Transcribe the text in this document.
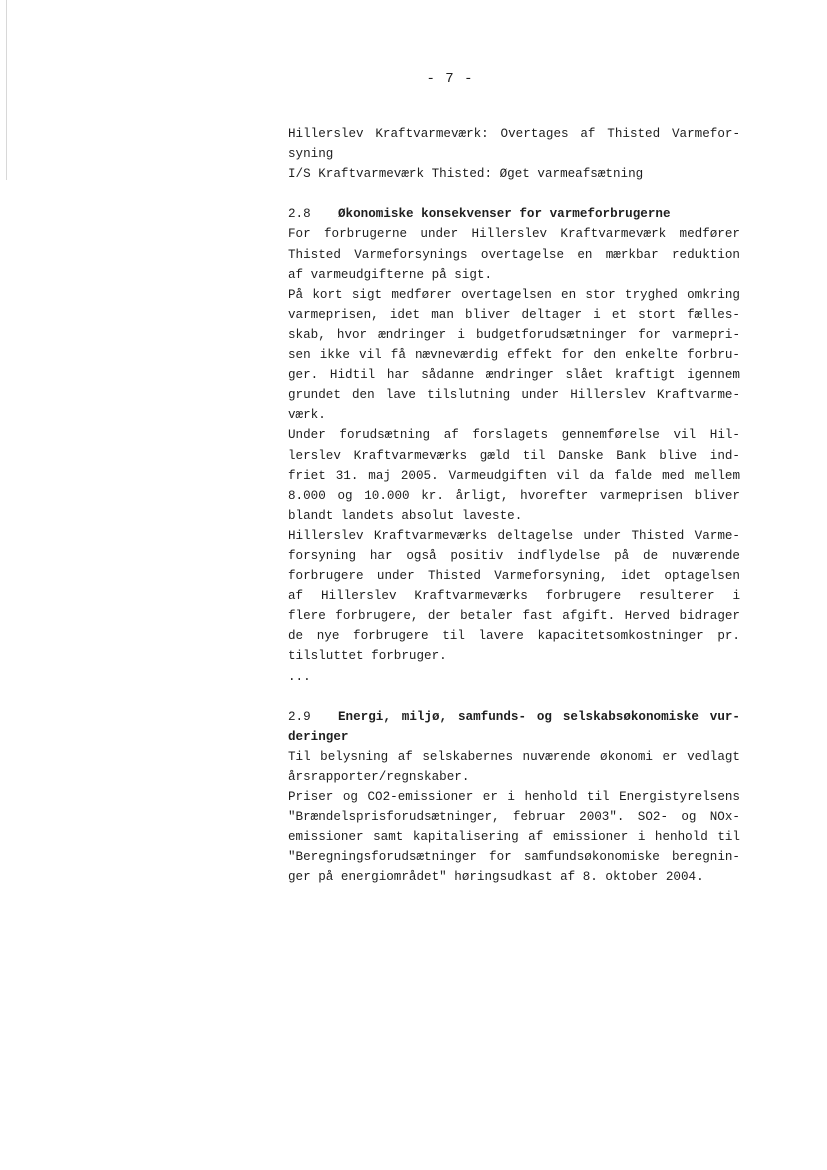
- 7 -
Hillerslev Kraftvarmeværk: Overtages af Thisted Varmefor-
syning
I/S Kraftvarmeværk Thisted: Øget varmeafsætning
2.8 Økonomiske konsekvenser for varmeforbrugerne
For forbrugerne under Hillerslev Kraftvarmeværk medfører
Thisted Varmeforsynings overtagelse en mærkbar reduktion
af varmeudgifterne på sigt.
På kort sigt medfører overtagelsen en stor tryghed omkring
varmeprisen, idet man bliver deltager i et stort fælles-
skab, hvor ændringer i budgetforudsætninger for varmepri-
sen ikke vil få nævneværdig effekt for den enkelte forbru-
ger. Hidtil har sådanne ændringer slået kraftigt igennem
grundet den lave tilslutning under Hillerslev Kraftvarme-
værk.
Under forudsætning af forslagets gennemførelse vil Hil-
lerslev Kraftvarmeværks gæld til Danske Bank blive ind-
friet 31. maj 2005. Varmeudgiften vil da falde med mellem
8.000 og 10.000 kr. årligt, hvorefter varmeprisen bliver
blandt landets absolut laveste.
Hillerslev Kraftvarmeværks deltagelse under Thisted Varme-
forsyning har også positiv indflydelse på de nuværende
forbrugere under Thisted Varmeforsyning, idet optagelsen
af Hillerslev Kraftvarmeværks forbrugere resulterer i
flere forbrugere, der betaler fast afgift. Herved bidrager
de nye forbrugere til lavere kapacitetsomkostninger pr.
tilsluttet forbruger.
...
2.9 Energi, miljø, samfunds- og selskabsøkonomiske vur-
deringer
Til belysning af selskabernes nuværende økonomi er vedlagt
årsrapporter/regnskaber.
Priser og CO2-emissioner er i henhold til Energistyrelsens
"Brændelsprisforudsætninger, februar 2003". SO2- og NOx-
emissioner samt kapitalisering af emissioner i henhold til
"Beregningsforudsætninger for samfundsøkonomiske beregnin-
ger på energiområdet" høringsudkast af 8. oktober 2004.
